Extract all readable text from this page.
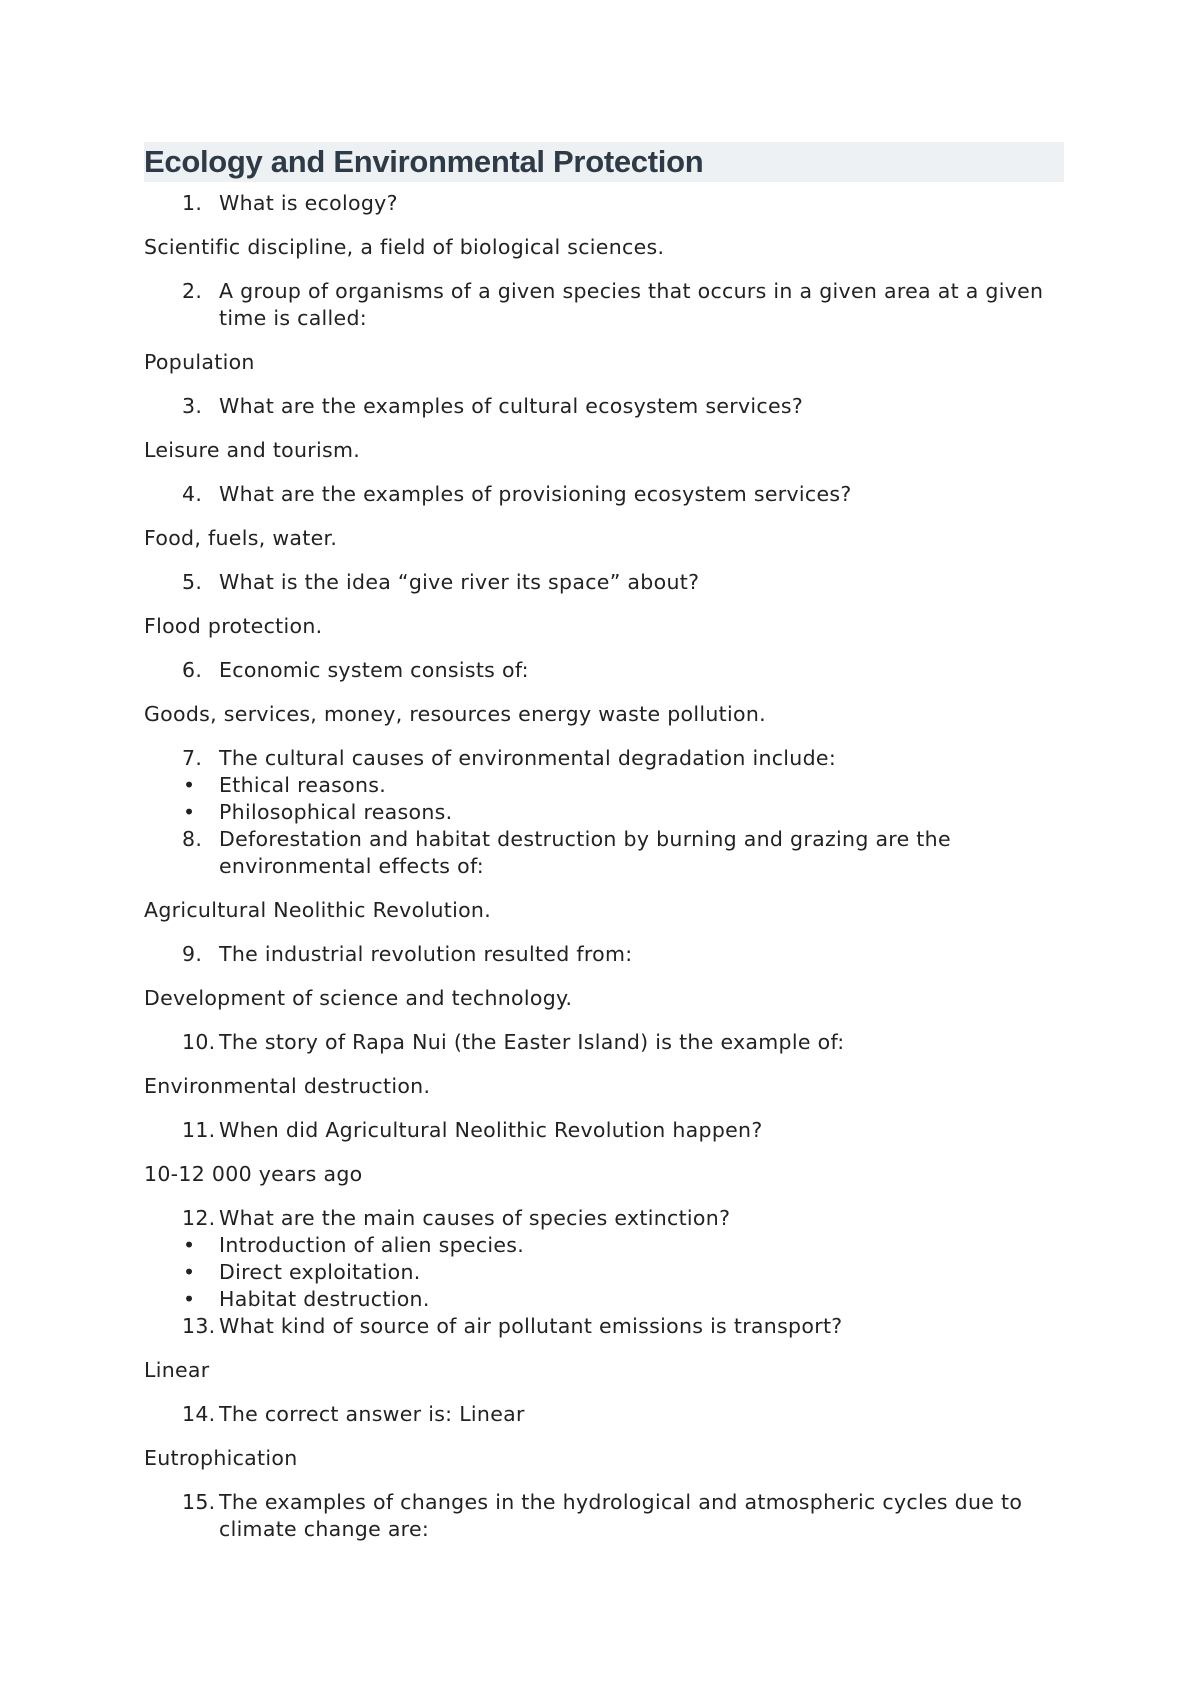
Ecology and Environmental Protection
1. What is ecology?
Scientific discipline, a field of biological sciences.
2. A group of organisms of a given species that occurs in a given area at a given time is called:
Population
3. What are the examples of cultural ecosystem services?
Leisure and tourism.
4. What are the examples of provisioning ecosystem services?
Food, fuels, water.
5. What is the idea “give river its space” about?
Flood protection.
6. Economic system consists of:
Goods, services, money, resources energy waste pollution.
7. The cultural causes of environmental degradation include:
• Ethical reasons.
• Philosophical reasons.
8. Deforestation and habitat destruction by burning and grazing are the environmental effects of:
Agricultural Neolithic Revolution.
9. The industrial revolution resulted from:
Development of science and technology.
10. The story of Rapa Nui (the Easter Island) is the example of:
Environmental destruction.
11. When did Agricultural Neolithic Revolution happen?
10-12 000 years ago
12. What are the main causes of species extinction?
• Introduction of alien species.
• Direct exploitation.
• Habitat destruction.
13. What kind of source of air pollutant emissions is transport?
Linear
14. The correct answer is: Linear
Eutrophication
15. The examples of changes in the hydrological and atmospheric cycles due to climate change are:
